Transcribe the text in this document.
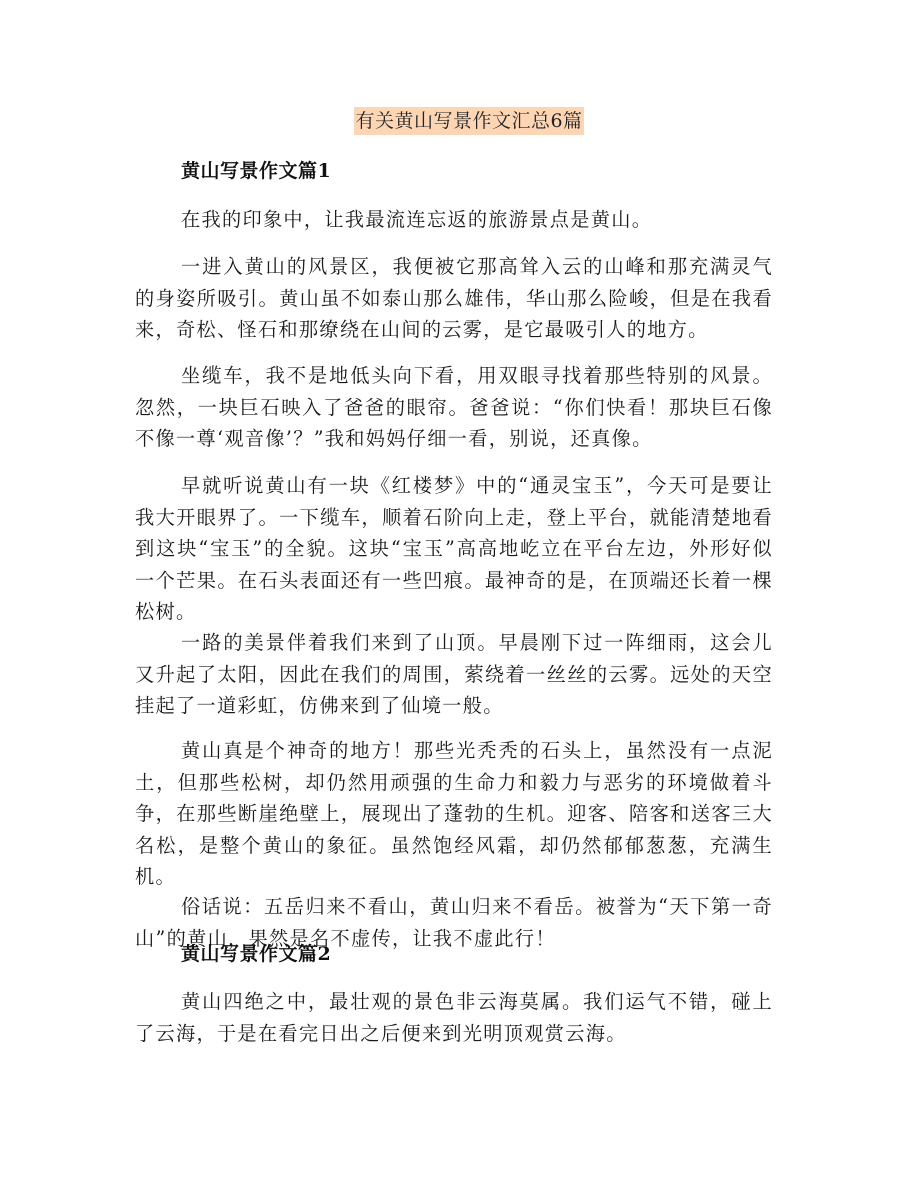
有关黄山写景作文汇总6篇
黄山写景作文篇1
在我的印象中，让我最流连忘返的旅游景点是黄山。
一进入黄山的风景区，我便被它那高耸入云的山峰和那充满灵气的身姿所吸引。黄山虽不如泰山那么雄伟，华山那么险峻，但是在我看来，奇松、怪石和那缭绕在山间的云雾，是它最吸引人的地方。
坐缆车，我不是地低头向下看，用双眼寻找着那些特别的风景。忽然，一块巨石映入了爸爸的眼帘。爸爸说：“你们快看！那块巨石像不像一尊‘观音像’？”我和妈妈仔细一看，别说，还真像。
早就听说黄山有一块《红楼梦》中的“通灵宝玉”，今天可是要让我大开眼界了。一下缆车，顺着石阶向上走，登上平台，就能清楚地看到这块“宝玉”的全貌。这块“宝玉”高高地屹立在平台左边，外形好似一个芒果。在石头表面还有一些凹痕。最神奇的是，在顶端还长着一棵松树。
一路的美景伴着我们来到了山顶。早晨刚下过一阵细雨，这会儿又升起了太阳，因此在我们的周围，萦绕着一丝丝的云雾。远处的天空挂起了一道彩虹，仿佛来到了仙境一般。
黄山真是个神奇的地方！那些光秃秃的石头上，虽然没有一点泥土，但那些松树，却仍然用顽强的生命力和毅力与恶劣的环境做着斗争，在那些断崖绝壁上，展现出了蓬勃的生机。迎客、陪客和送客三大名松，是整个黄山的象征。虽然饱经风霜，却仍然郁郁葱葱，充满生机。
俗话说：五岳归来不看山，黄山归来不看岳。被誉为“天下第一奇山”的黄山，果然是名不虚传，让我不虚此行！
黄山写景作文篇2
黄山四绝之中，最壮观的景色非云海莫属。我们运气不错，碰上了云海，于是在看完日出之后便来到光明顶观赏云海。
